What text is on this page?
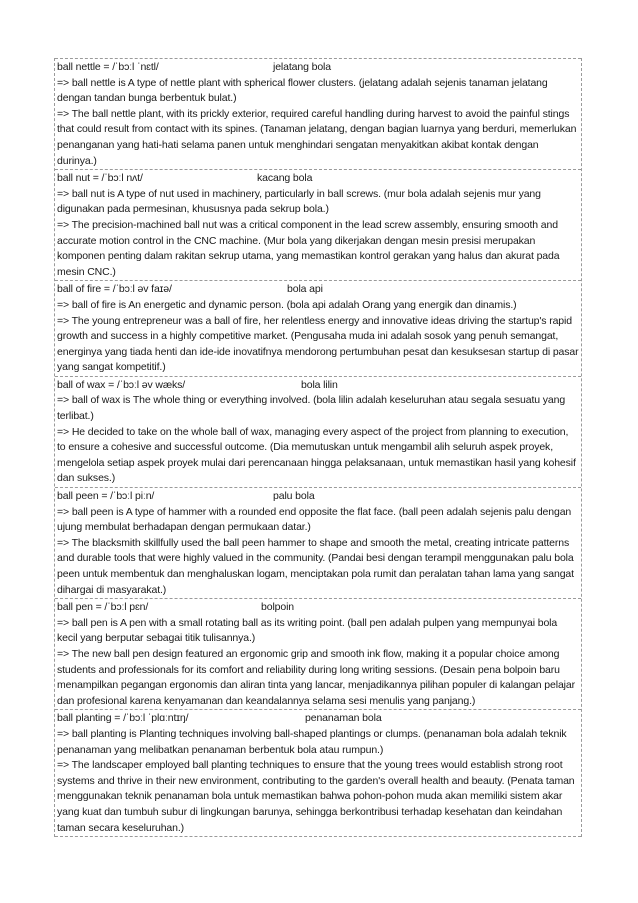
ball nettle = /ˈbɔːl ˈnɛtl/	jelatang bola

=> ball nettle is A type of nettle plant with spherical flower clusters. (jelatang adalah sejenis tanaman jelatang dengan tandan bunga berbentuk bulat.)

=> The ball nettle plant, with its prickly exterior, required careful handling during harvest to avoid the painful stings that could result from contact with its spines. (Tanaman jelatang, dengan bagian luarnya yang berduri, memerlukan penanganan yang hati-hati selama panen untuk menghindari sengatan menyakitkan akibat kontak dengan durinya.)

ball nut = /ˈbɔːl nʌt/	kacang bola

=> ball nut is A type of nut used in machinery, particularly in ball screws. (mur bola adalah sejenis mur yang digunakan pada permesinan, khususnya pada sekrup bola.)

=> The precision-machined ball nut was a critical component in the lead screw assembly, ensuring smooth and accurate motion control in the CNC machine. (Mur bola yang dikerjakan dengan mesin presisi merupakan komponen penting dalam rakitan sekrup utama, yang memastikan kontrol gerakan yang halus dan akurat pada mesin CNC.)

ball of fire = /ˈbɔːl əv faɪə/	bola api

=> ball of fire is An energetic and dynamic person. (bola api adalah Orang yang energik dan dinamis.)

=> The young entrepreneur was a ball of fire, her relentless energy and innovative ideas driving the startup's rapid growth and success in a highly competitive market. (Pengusaha muda ini adalah sosok yang penuh semangat, energinya yang tiada henti dan ide-ide inovatifnya mendorong pertumbuhan pesat dan kesuksesan startup di pasar yang sangat kompetitif.)

ball of wax = /ˈbɔːl əv wæks/	bola lilin

=> ball of wax is The whole thing or everything involved. (bola lilin adalah keseluruhan atau segala sesuatu yang terlibat.)

=> He decided to take on the whole ball of wax, managing every aspect of the project from planning to execution, to ensure a cohesive and successful outcome. (Dia memutuskan untuk mengambil alih seluruh aspek proyek, mengelola setiap aspek proyek mulai dari perencanaan hingga pelaksanaan, untuk memastikan hasil yang kohesif dan sukses.)

ball peen = /ˈbɔːl piːn/	palu bola

=> ball peen is A type of hammer with a rounded end opposite the flat face. (ball peen adalah sejenis palu dengan ujung membulat berhadapan dengan permukaan datar.)

=> The blacksmith skillfully used the ball peen hammer to shape and smooth the metal, creating intricate patterns and durable tools that were highly valued in the community. (Pandai besi dengan terampil menggunakan palu bola peen untuk membentuk dan menghaluskan logam, menciptakan pola rumit dan peralatan tahan lama yang sangat dihargai di masyarakat.)

ball pen = /ˈbɔːl pɛn/	bolpoin

=> ball pen is A pen with a small rotating ball as its writing point. (ball pen adalah pulpen yang mempunyai bola kecil yang berputar sebagai titik tulisannya.)

=> The new ball pen design featured an ergonomic grip and smooth ink flow, making it a popular choice among students and professionals for its comfort and reliability during long writing sessions. (Desain pena bolpoin baru menampilkan pegangan ergonomis dan aliran tinta yang lancar, menjadikannya pilihan populer di kalangan pelajar dan profesional karena kenyamanan dan keandalannya selama sesi menulis yang panjang.)

ball planting = /ˈbɔːl ˈplɑːntɪŋ/	penanaman bola

=> ball planting is Planting techniques involving ball-shaped plantings or clumps. (penanaman bola adalah teknik penanaman yang melibatkan penanaman berbentuk bola atau rumpun.)

=> The landscaper employed ball planting techniques to ensure that the young trees would establish strong root systems and thrive in their new environment, contributing to the garden's overall health and beauty. (Penata taman menggunakan teknik penanaman bola untuk memastikan bahwa pohon-pohon muda akan memiliki sistem akar yang kuat dan tumbuh subur di lingkungan barunya, sehingga berkontribusi terhadap kesehatan dan keindahan taman secara keseluruhan.)
